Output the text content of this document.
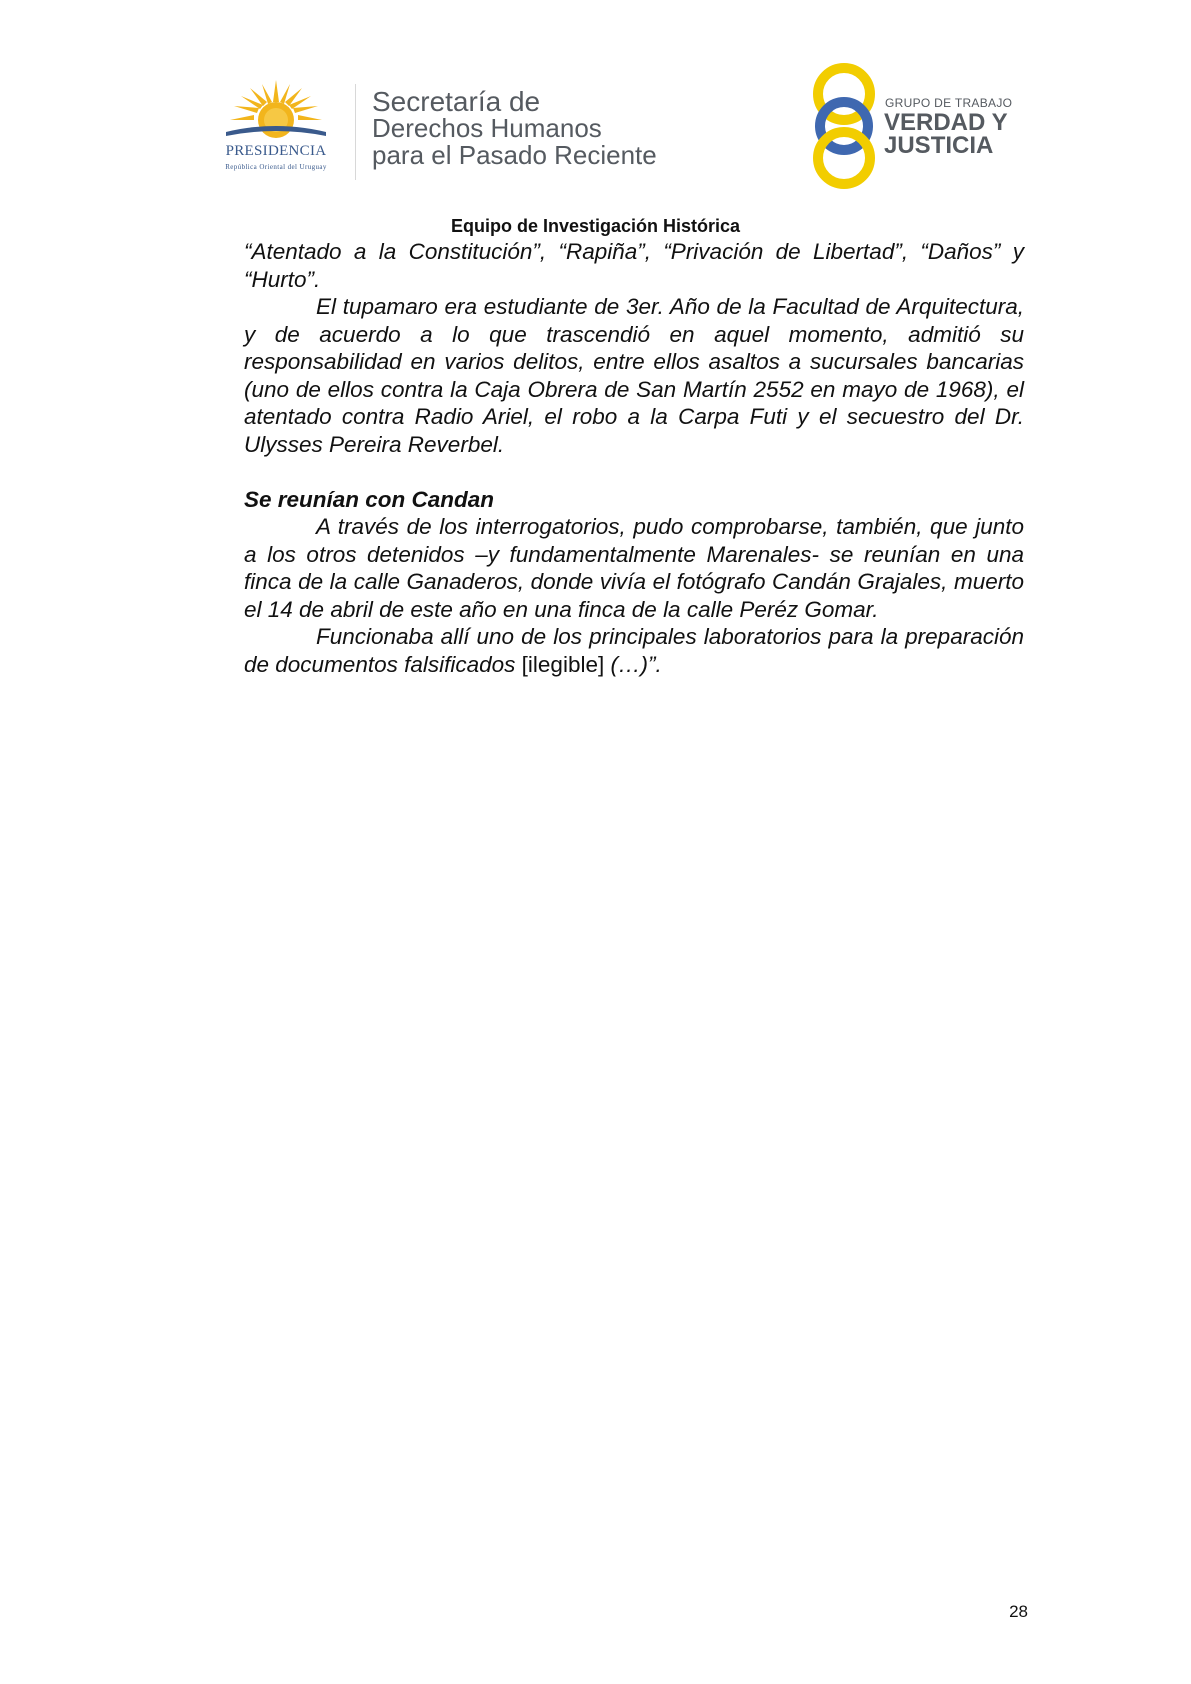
PRESIDENCIA
República Oriental del Uruguay
Secretaría de
Derechos Humanos
para el Pasado Reciente
GRUPO DE TRABAJO
VERDAD Y
JUSTICIA
Equipo de Investigación Histórica

“Atentado a la Constitución”, “Rapiña”, “Privación de Libertad”, “Daños” y “Hurto”.

El tupamaro era estudiante de 3er. Año de la Facultad de Arquitectura, y de acuerdo a lo que trascendió en aquel momento, admitió su responsabilidad en varios delitos, entre ellos asaltos a sucursales bancarias (uno de ellos contra la Caja Obrera de San Martín 2552 en mayo de 1968), el atentado contra Radio Ariel, el robo a la Carpa Futi y el secuestro del Dr. Ulysses Pereira Reverbel.

Se reunían con Candan

A través de los interrogatorios, pudo comprobarse, también, que junto a los otros detenidos –y fundamentalmente Marenales- se reunían en una finca de la calle Ganaderos, donde vivía el fotógrafo Candán Grajales, muerto el 14 de abril de este año en una finca de la calle Peréz Gomar.

Funcionaba allí uno de los principales laboratorios para la preparación de documentos falsificados [ilegible] (…)”.

28
